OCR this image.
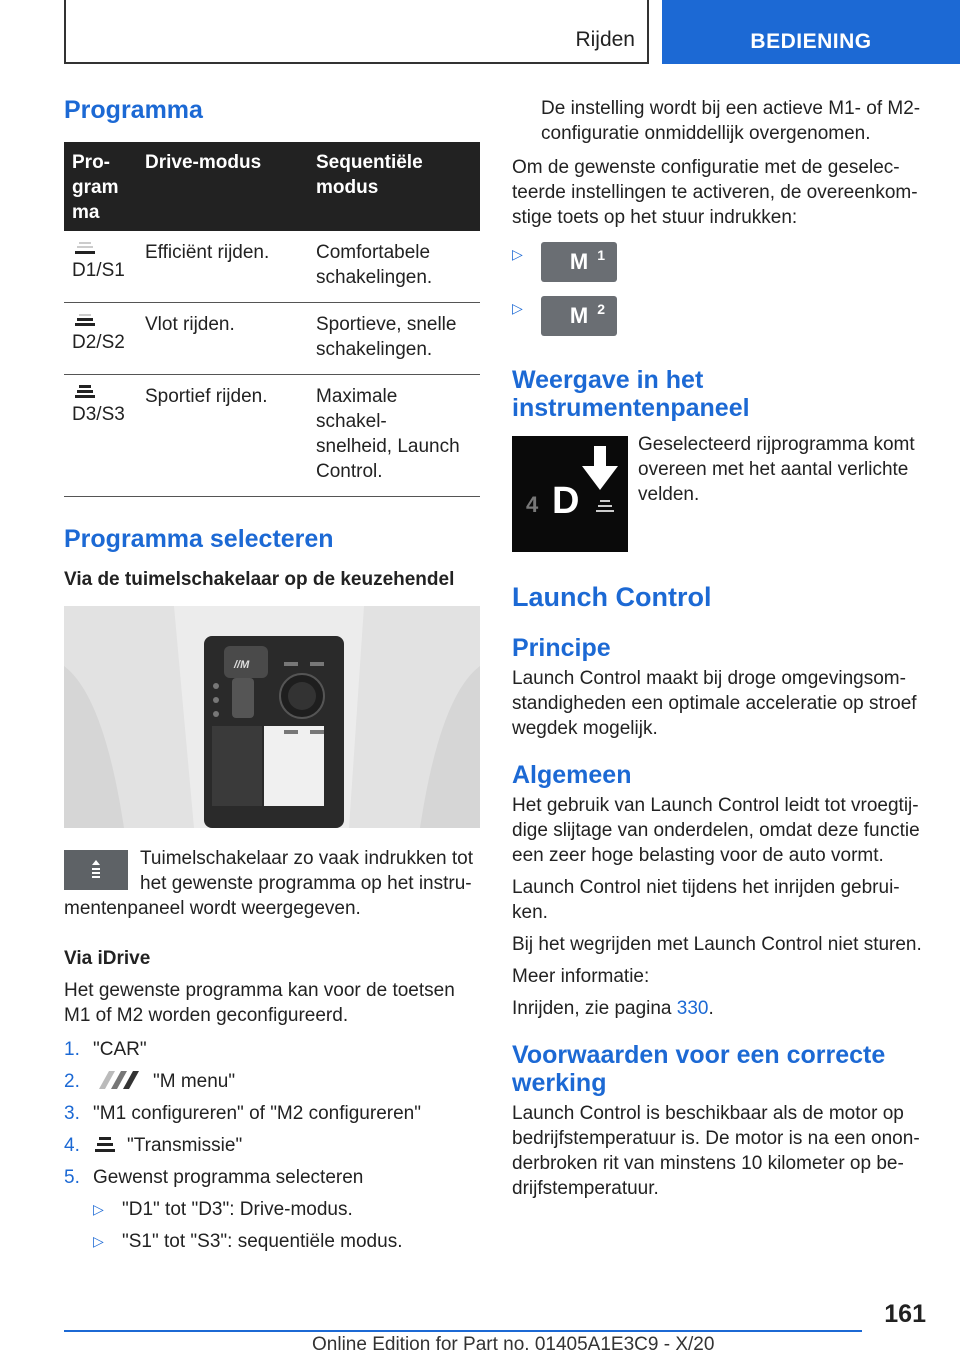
Rijden	BEDIENING
Programma
Pro-
gram
ma	Drive-modus	Sequentiële
modus

D1/S1	Efficiënt rijden.	Comfortabele
schakelingen.

D2/S2	Vlot rijden.	Sportieve, snelle
schakelingen.

D3/S3	Sportief rijden.	Maximale schakel-
snelheid, Launch
Control.
Programma selecteren

Via de tuimelschakelaar op de keuzehendel

//M

Tuimelschakelaar zo vaak indrukken tot het gewenste programma op het instru-

mentenpaneel wordt weergegeven.

Via iDrive

Het gewenste programma kan voor de toetsen M1 of M2 worden geconfigureerd.

1. "CAR"
2.	"M menu"
3. "M1 configureren" of "M2 configureren"
4.	"Transmissie"
5. Gewenst programma selecteren
▷ "D1" tot "D3": Drive-modus.
▷ "S1" tot "S3": sequentiële modus.

De instelling wordt bij een actieve M1- of M2-configuratie onmiddellijk overgenomen.

Om de gewenste configuratie met de geselec-teerde instellingen te activeren, de overeenkom-stige toets op het stuur indrukken:

▷	M $^1$
▷	M $^2$
Weergave in het instrumentenpaneel
4 D

Geselecteerd rijprogramma komt overeen met het aantal verlichte velden.

Launch Control
Principe

Launch Control maakt bij droge omgevingsom-standigheden een optimale acceleratie op stroef wegdek mogelijk.

Algemeen

Het gebruik van Launch Control leidt tot vroegtij-dige slijtage van onderdelen, omdat deze functie een zeer hoge belasting voor de auto vormt.

Launch Control niet tijdens het inrijden gebrui-ken.

Bij het wegrijden met Launch Control niet sturen.

Meer informatie:

Inrijden, zie pagina 330.

Voorwaarden voor een correcte werking

Launch Control is beschikbaar als de motor op bedrijfstemperatuur is. De motor is na een onon-derbroken rit van minstens 10 kilometer op be-drijfstemperatuur.

161
Online Edition for Part no. 01405A1E3C9 - X/20
